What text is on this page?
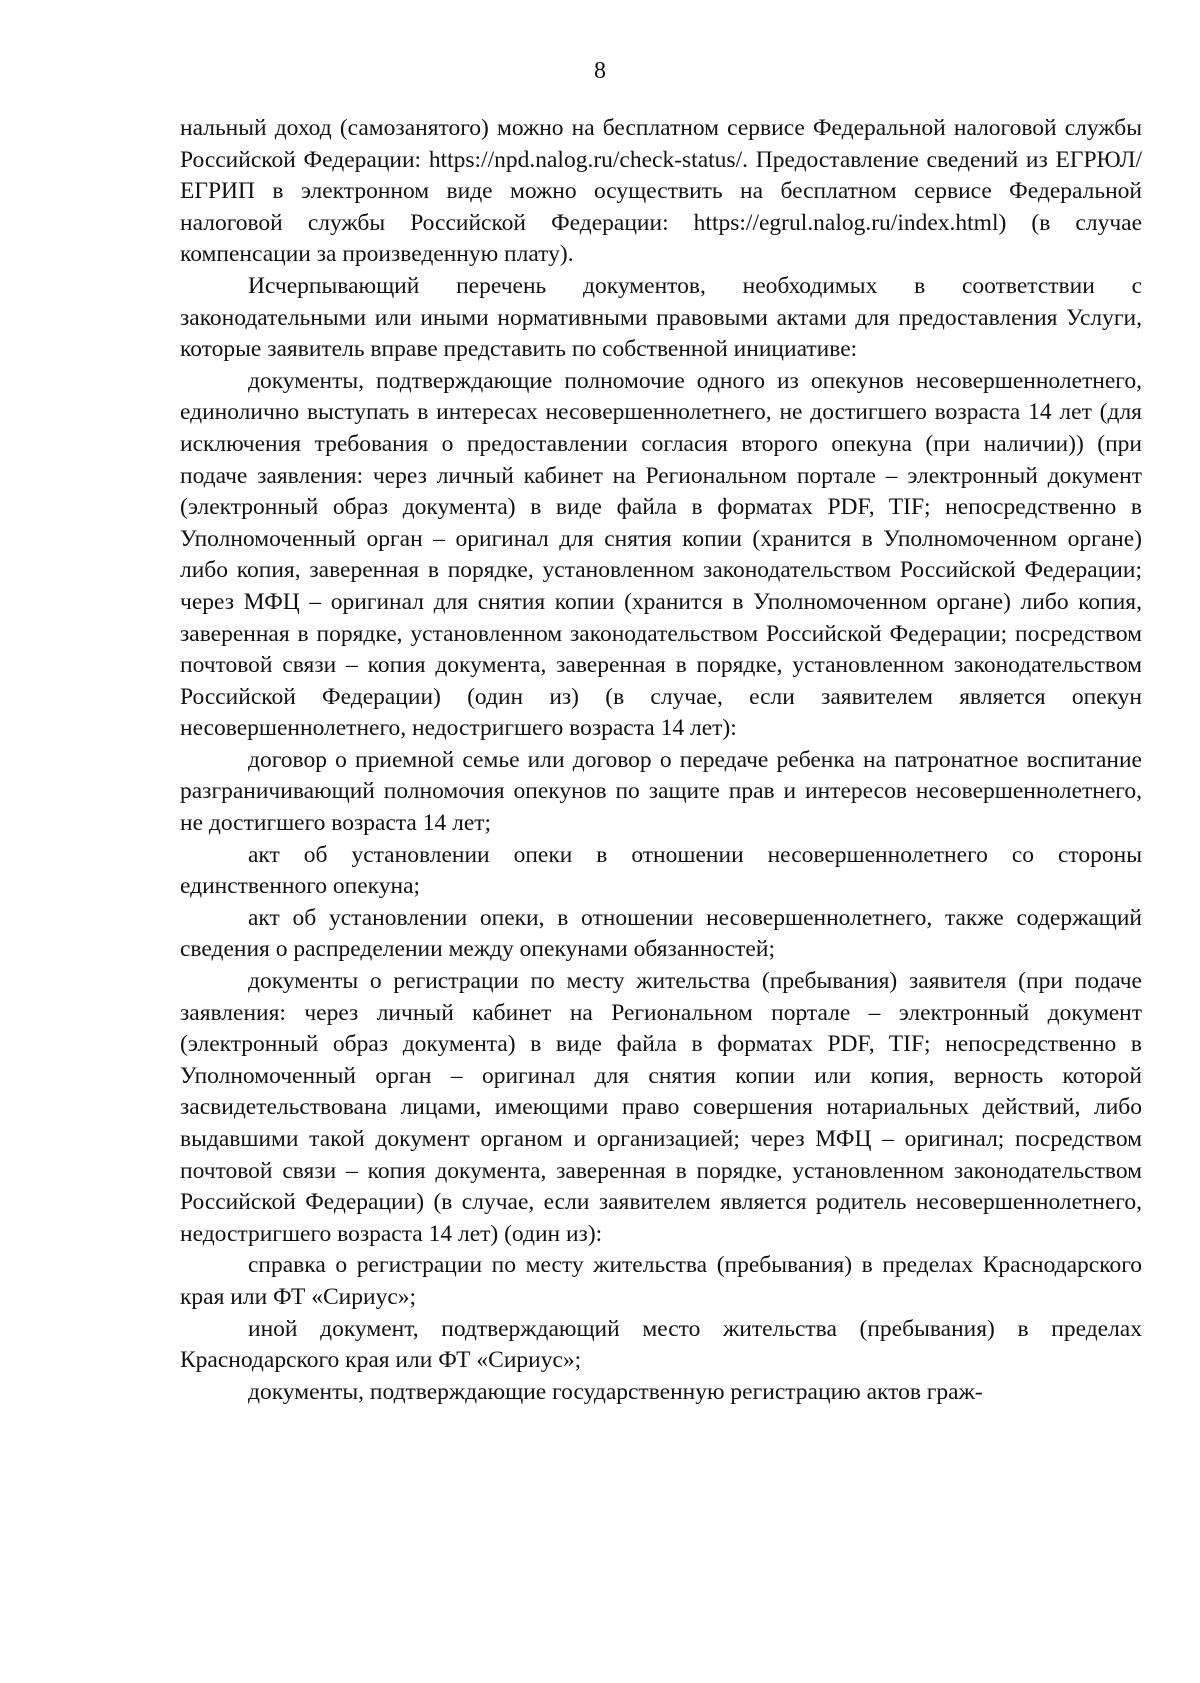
8

нальный доход (самозанятого) можно на бесплатном сервисе Федеральной налоговой службы Российской Федерации: https://npd.nalog.ru/check-status/. Предоставление сведений из ЕГРЮЛ/ЕГРИП в электронном виде можно осуществить на бесплатном сервисе Федеральной налоговой службы Российской Федерации: https://egrul.nalog.ru/index.html) (в случае компенсации за произведенную плату).

Исчерпывающий перечень документов, необходимых в соответствии с законодательными или иными нормативными правовыми актами для предоставления Услуги, которые заявитель вправе представить по собственной инициативе:

документы, подтверждающие полномочие одного из опекунов несовершеннолетнего, единолично выступать в интересах несовершеннолетнего, не достигшего возраста 14 лет (для исключения требования о предоставлении согласия второго опекуна (при наличии)) (при подаче заявления: через личный кабинет на Региональном портале – электронный документ (электронный образ документа) в виде файла в форматах PDF, TIF; непосредственно в Уполномоченный орган – оригинал для снятия копии (хранится в Уполномоченном органе) либо копия, заверенная в порядке, установленном законодательством Российской Федерации; через МФЦ – оригинал для снятия копии (хранится в Уполномоченном органе) либо копия, заверенная в порядке, установленном законодательством Российской Федерации; посредством почтовой связи – копия документа, заверенная в порядке, установленном законодательством Российской Федерации) (один из) (в случае, если заявителем является опекун несовершеннолетнего, недостригшего возраста 14 лет):

договор о приемной семье или договор о передаче ребенка на патронатное воспитание разграничивающий полномочия опекунов по защите прав и интересов несовершеннолетнего, не достигшего возраста 14 лет;

акт об установлении опеки в отношении несовершеннолетнего со стороны единственного опекуна;

акт об установлении опеки, в отношении несовершеннолетнего, также содержащий сведения о распределении между опекунами обязанностей;

документы о регистрации по месту жительства (пребывания) заявителя (при подаче заявления: через личный кабинет на Региональном портале – электронный документ (электронный образ документа) в виде файла в форматах PDF, TIF; непосредственно в Уполномоченный орган – оригинал для снятия копии или копия, верность которой засвидетельствована лицами, имеющими право совершения нотариальных действий, либо выдавшими такой документ органом и организацией; через МФЦ – оригинал; посредством почтовой связи – копия документа, заверенная в порядке, установленном законодательством Российской Федерации) (в случае, если заявителем является родитель несовершеннолетнего, недостригшего возраста 14 лет) (один из):

справка о регистрации по месту жительства (пребывания) в пределах Краснодарского края или ФТ «Сириус»;

иной документ, подтверждающий место жительства (пребывания) в пределах Краснодарского края или ФТ «Сириус»;

документы, подтверждающие государственную регистрацию актов граж-
